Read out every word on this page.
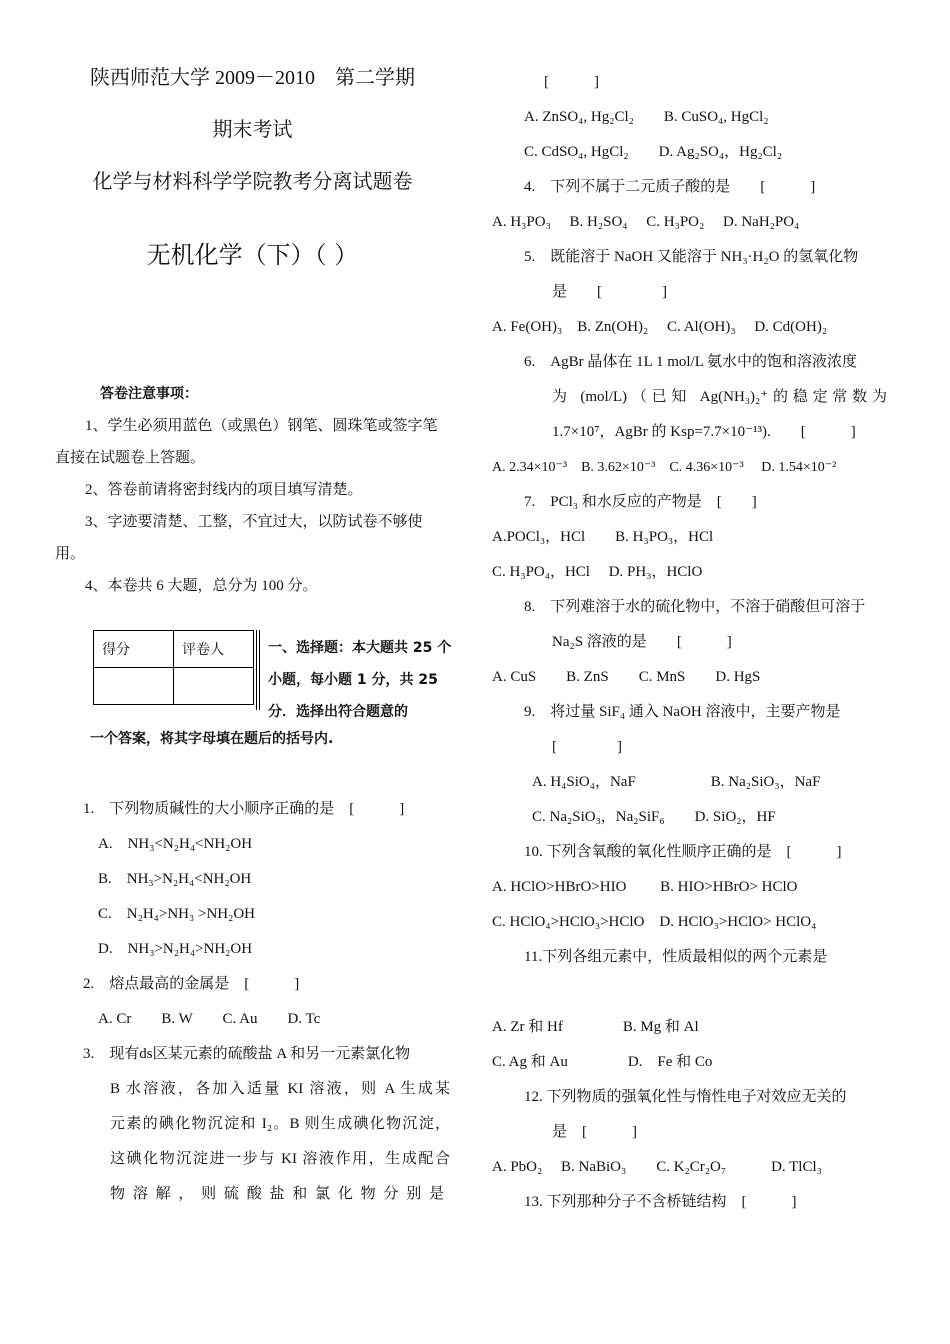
陕西师范大学 2009－2010　第二学期
期末考试
化学与材料科学学院教考分离试题卷
无机化学（下）（ ）
答卷注意事项：
1、学生必须用蓝色（或黑色）钢笔、圆珠笔或签字笔直接在试题卷上答题。
2、答卷前请将密封线内的项目填写清楚。
3、字迹要清楚、工整，不宜过大，以防试卷不够使用。
4、本卷共 6 大题，总分为 100 分。
得分	评卷人
		一、选择题：本大题共 25 个小题，每小题 1 分，共 25 分．选择出符合题意的
一个答案，将其字母填在题后的括号内.
1.　下列物质碱性的大小顺序正确的是　[　　　]
A.　NH₃<N₂H₄<NH₂OH
B.　NH₃>N₂H₄<NH₂OH
C.　N₂H₄>NH₃ >NH₂OH
D.　NH₃>N₂H₄>NH₂OH
2.　熔点最高的金属是　[　　　]
A. Cr　　B. W　　C. Au　　D. Tc
3.　现有ds区某元素的硫酸盐 A 和另一元素氯化物
B 水溶液，各加入适量 KI 溶液，则 A 生成某
元素的碘化物沉淀和 I₂。B 则生成碘化物沉淀，
这碘化物沉淀进一步与 KI 溶液作用，生成配合
物溶解，则硫酸盐和氯化物分别是
[　　　]
A. ZnSO₄, Hg₂Cl₂　　B. CuSO₄, HgCl₂
C. CdSO₄, HgCl₂　　D. Ag₂SO₄，Hg₂Cl₂
4.　下列不属于二元质子酸的是　　[　　　]
A. H₃PO₃　 B. H₂SO₄　 C. H₃PO₂　 D. NaH₂PO₄
5.　既能溶于 NaOH 又能溶于 NH₃·H₂O 的氢氧化物
是　　[　　　　]
A. Fe(OH)₃　B. Zn(OH)₂　 C. Al(OH)₃　 D. Cd(OH)₂
6.　AgBr 晶体在 1L 1 mol/L 氨水中的饱和溶液浓度
为 (mol/L)（已知 Ag(NH₃)₂⁺的稳定常数为
1.7×10⁷，AgBr 的 Ksp=7.7×10⁻¹³).　　[　　　]
A. 2.34×10⁻³　B. 3.62×10⁻³　C. 4.36×10⁻³　 D. 1.54×10⁻²
7.　PCl₃ 和水反应的产物是　[　　]
A.POCl₃，HCl　　B. H₃PO₃，HCl
C. H₃PO₄，HCl　 D. PH₃，HClO
8.　下列难溶于水的硫化物中，不溶于硝酸但可溶于
Na₂S 溶液的是　　[　　　]
A. CuS　　B. ZnS　　C. MnS　　D. HgS
9.　将过量 SiF₄ 通入 NaOH 溶液中，主要产物是
[　　　　]
A. H₄SiO₄，NaF　　　　　B. Na₂SiO₃，NaF
C. Na₂SiO₃，Na₂SiF₆　　D. SiO₂，HF
10. 下列含氧酸的氧化性顺序正确的是　[　　　]
A. HClO>HBrO>HIO　　 B. HIO>HBrO> HClO
C. HClO₄>HClO₃>HClO　D. HClO₃>HClO> HClO₄
11.下列各组元素中，性质最相似的两个元素是

A. Zr 和 Hf　　　　B. Mg 和 Al
C. Ag 和 Au　　　　D.　Fe 和 Co
12. 下列物质的强氧化性与惰性电子对效应无关的
是　[　　　]
A. PbO₂　 B. NaBiO₃　　C. K₂Cr₂O₇　　　D. TlCl₃
13. 下列那种分子不含桥链结构　[　　　]
